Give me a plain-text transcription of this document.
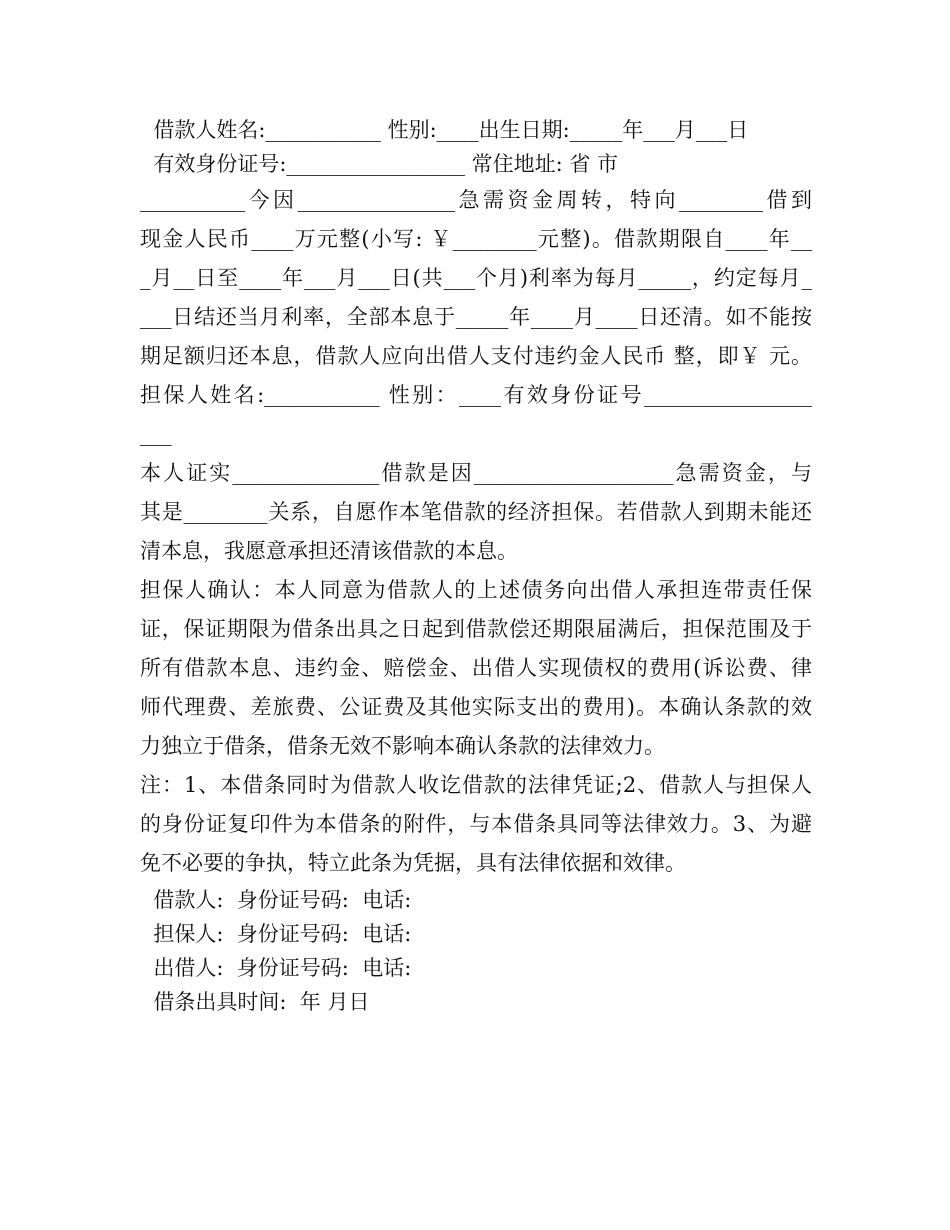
借款人姓名:___________ 性别:____出生日期:_____年___月___日
有效身份证号:_________________ 常住地址: 省 市
__________今因_______________急需资金周转，特向________借到
现金人民币____万元整(小写: ￥________元整)。借款期限自____年__
_月__日至____年___月___日(共___个月)利率为每月_____，约定每月_
___日结还当月利率，全部本息于_____年____月____日还清。如不能按
期足额归还本息，借款人应向出借人支付违约金人民币 整，即￥ 元。
担保人姓名:___________ 性别：____有效身份证号________________
___
本人证实______________借款是因___________________急需资金，与
其是________关系，自愿作本笔借款的经济担保。若借款人到期未能还
清本息，我愿意承担还清该借款的本息。
担保人确认：本人同意为借款人的上述债务向出借人承担连带责任保
证，保证期限为借条出具之日起到借款偿还期限届满后，担保范围及于
所有借款本息、违约金、赔偿金、出借人实现债权的费用(诉讼费、律
师代理费、差旅费、公证费及其他实际支出的费用)。本确认条款的效
力独立于借条，借条无效不影响本确认条款的法律效力。
注：1、本借条同时为借款人收讫借款的法律凭证;2、借款人与担保人
的身份证复印件为本借条的附件，与本借条具同等法律效力。3、为避
免不必要的争执，特立此条为凭据，具有法律依据和效律。
借款人:  身份证号码:  电话:
担保人:  身份证号码:  电话:
出借人:  身份证号码:  电话:
借条出具时间:  年 月日
